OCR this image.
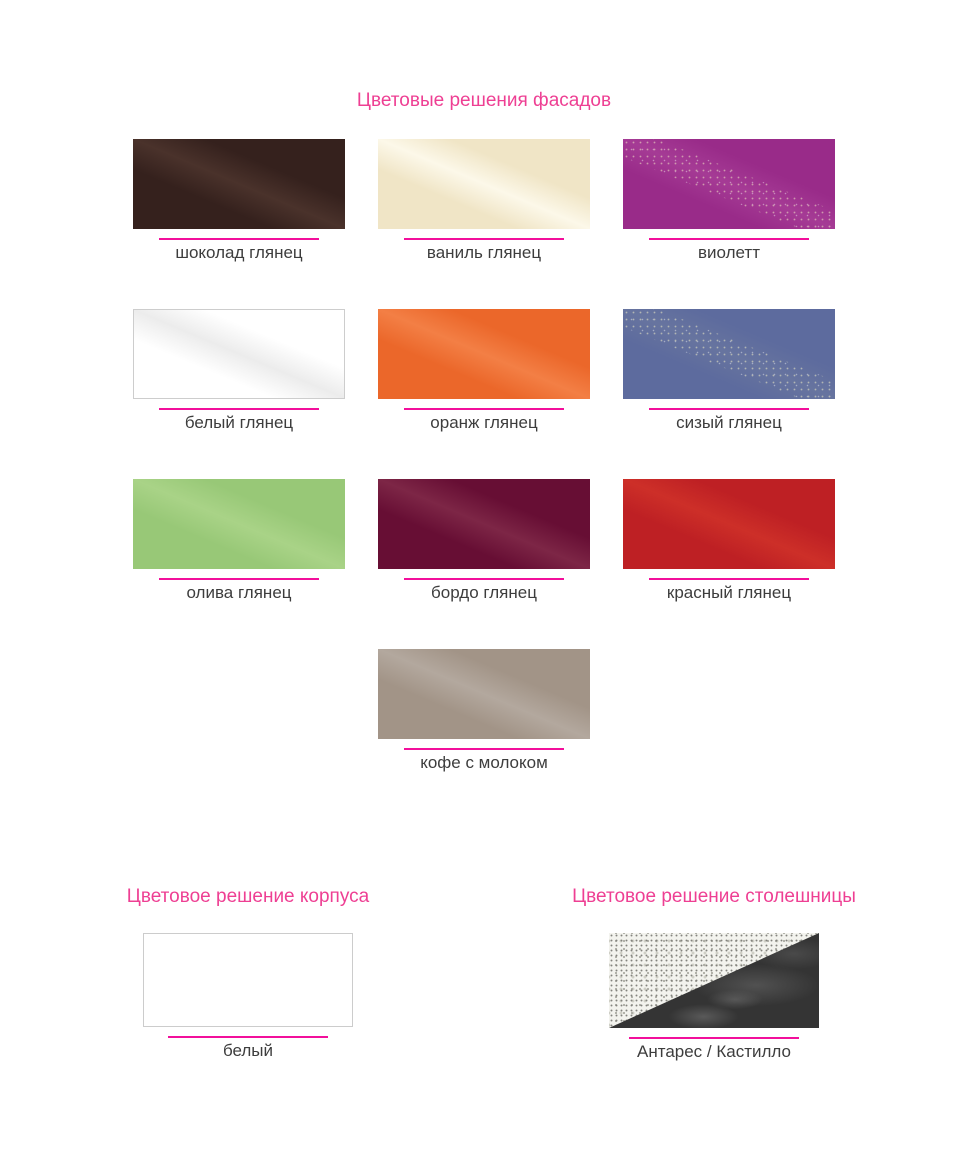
Цветовые решения фасадов
шоколад глянец	ваниль глянец	виолетт
белый глянец	оранж глянец	сизый глянец
олива глянец	бордо глянец	красный глянец
кофе с молоком
Цветовое решение корпуса
белый
Цветовое решение столешницы
Антарес / Кастилло
